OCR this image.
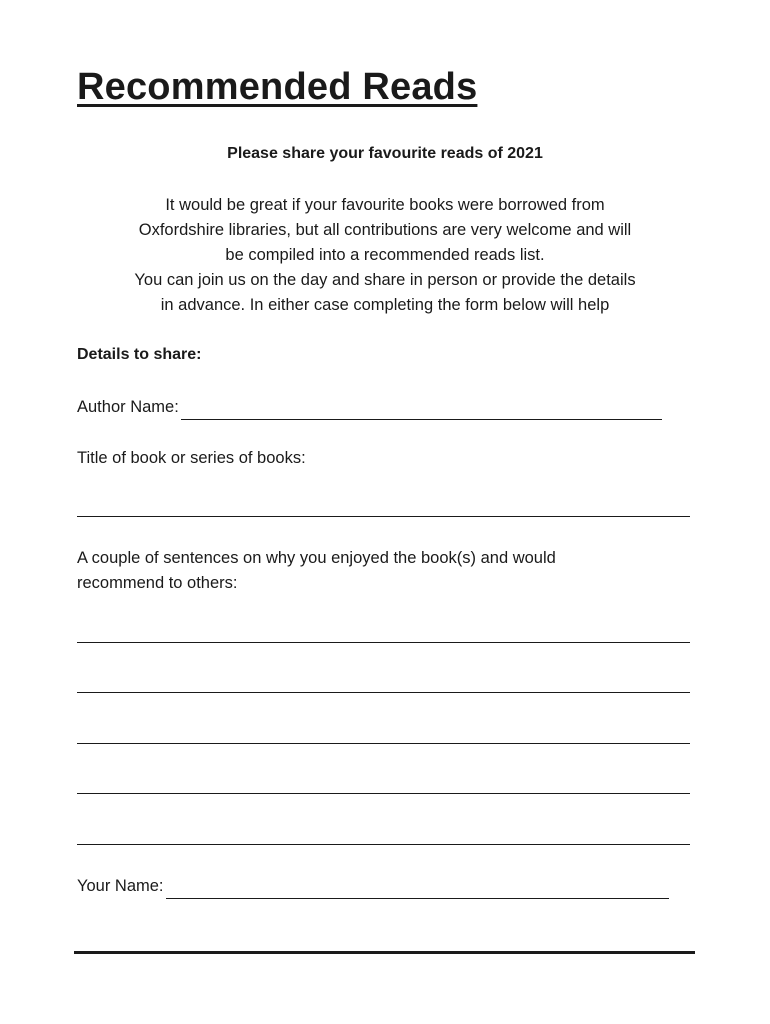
Recommended Reads

Please share your favourite reads of 2021

It would be great if your favourite books were borrowed from
Oxfordshire libraries, but all contributions are very welcome and will
be compiled into a recommended reads list.
You can join us on the day and share in person or provide the details
in advance. In either case completing the form below will help

Details to share:

Author Name:

Title of book or series of books:

A couple of sentences on why you enjoyed the book(s) and would
recommend to others:

Your Name:
